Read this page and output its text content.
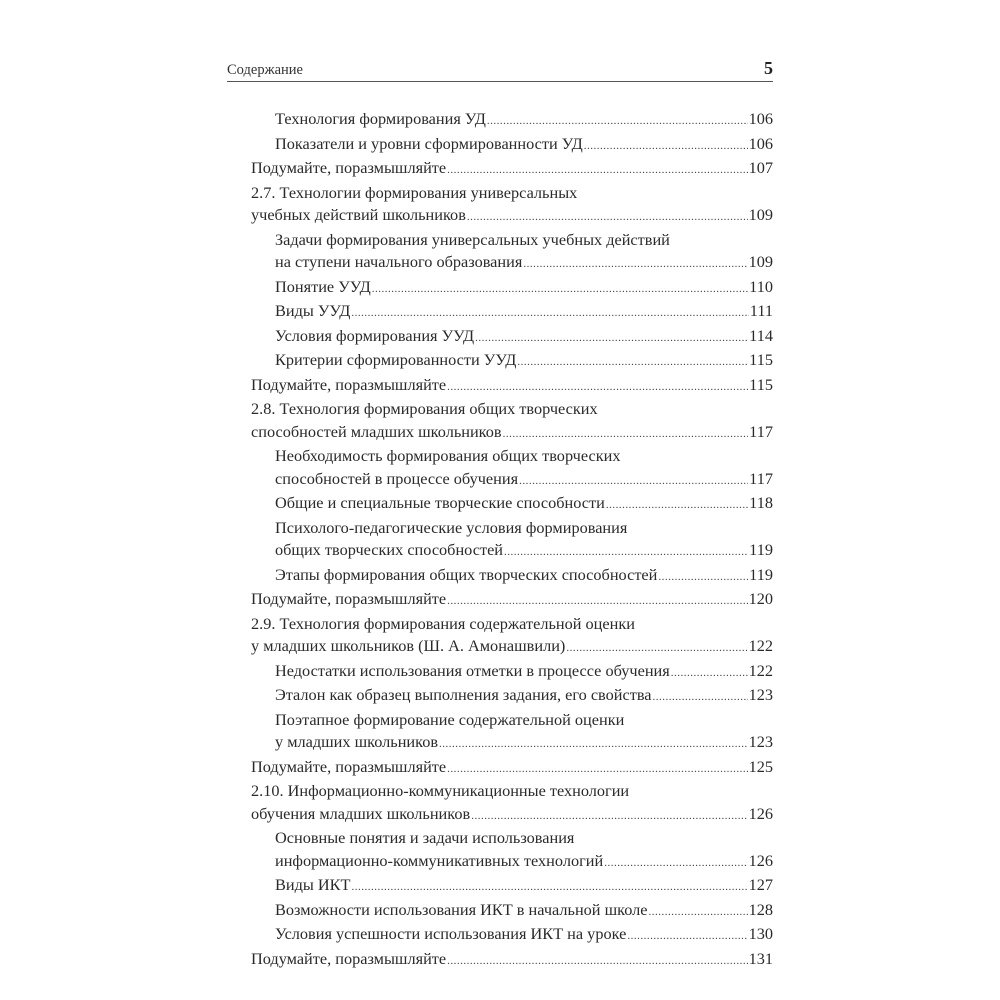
Содержание	5
Технология формирования УД .....	106
Показатели и уровни сформированности УД .....	106
Подумайте, поразмышляйте .....	107
2.7. Технологии формирования универсальных
учебных действий школьников .....	109
Задачи формирования универсальных учебных действий
на ступени начального образования .....	109
Понятие УУД .....	110
Виды УУД .....	111
Условия формирования УУД .....	114
Критерии сформированности УУД .....	115
Подумайте, поразмышляйте .....	115
2.8. Технология формирования общих творческих
способностей младших школьников .....	117
Необходимость формирования общих творческих
способностей в процессе обучения .....	117
Общие и специальные творческие способности .....	118
Психолого-педагогические условия формирования
общих творческих способностей .....	119
Этапы формирования общих творческих способностей .....	119
Подумайте, поразмышляйте .....	120
2.9. Технология формирования содержательной оценки
у младших школьников (Ш. А. Амонашвили) .....	122
Недостатки использования отметки в процессе обучения .....	122
Эталон как образец выполнения задания, его свойства .....	123
Поэтапное формирование содержательной оценки
у младших школьников .....	123
Подумайте, поразмышляйте .....	125
2.10. Информационно-коммуникационные технологии
обучения младших школьников .....	126
Основные понятия и задачи использования
информационно-коммуникативных технологий .....	126
Виды ИКТ .....	127
Возможности использования ИКТ в начальной школе .....	128
Условия успешности использования ИКТ на уроке .....	130
Подумайте, поразмышляйте .....	131
